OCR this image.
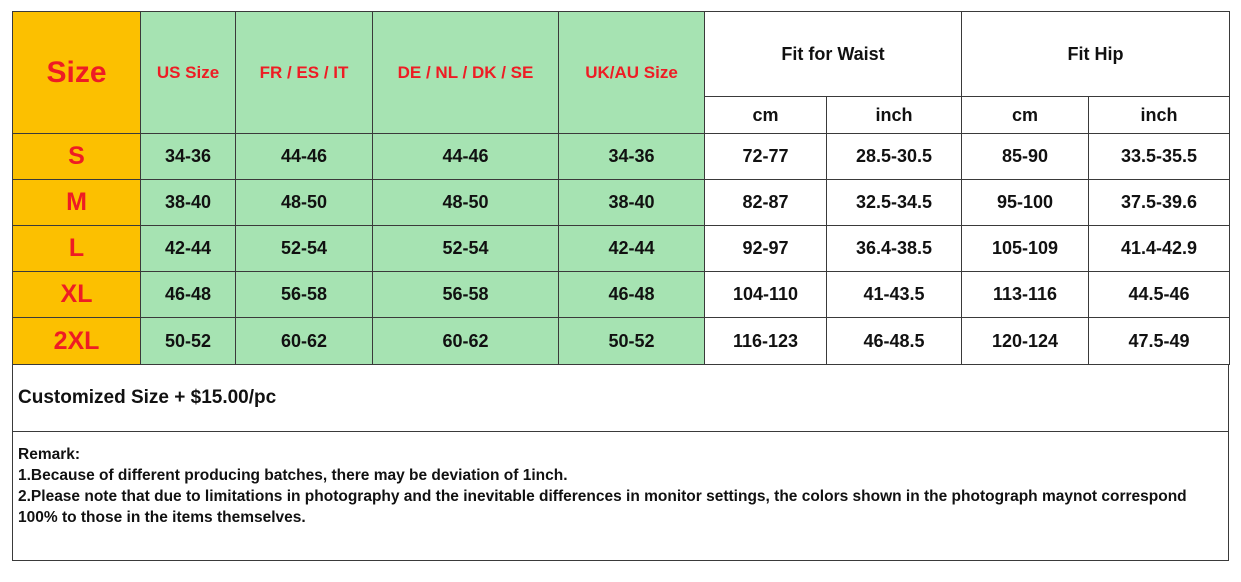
Size	US Size	FR / ES / IT	DE / NL / DK / SE	UK/AU Size	Fit for Waist		Fit Hip	
					cm	inch	cm	inch
S	34-36	44-46	44-46	34-36	72-77	28.5-30.5	85-90	33.5-35.5
M	38-40	48-50	48-50	38-40	82-87	32.5-34.5	95-100	37.5-39.6
L	42-44	52-54	52-54	42-44	92-97	36.4-38.5	105-109	41.4-42.9
XL	46-48	56-58	56-58	46-48	104-110	41-43.5	113-116	44.5-46
2XL	50-52	60-62	60-62	50-52	116-123	46-48.5	120-124	47.5-49
Customized Size + $15.00/pc
Remark:
1.Because of different producing batches, there may be deviation of 1inch.
2.Please note that due to limitations in photography and the inevitable differences in monitor settings, the colors shown in the photograph maynot correspond
100% to those in the items themselves.
